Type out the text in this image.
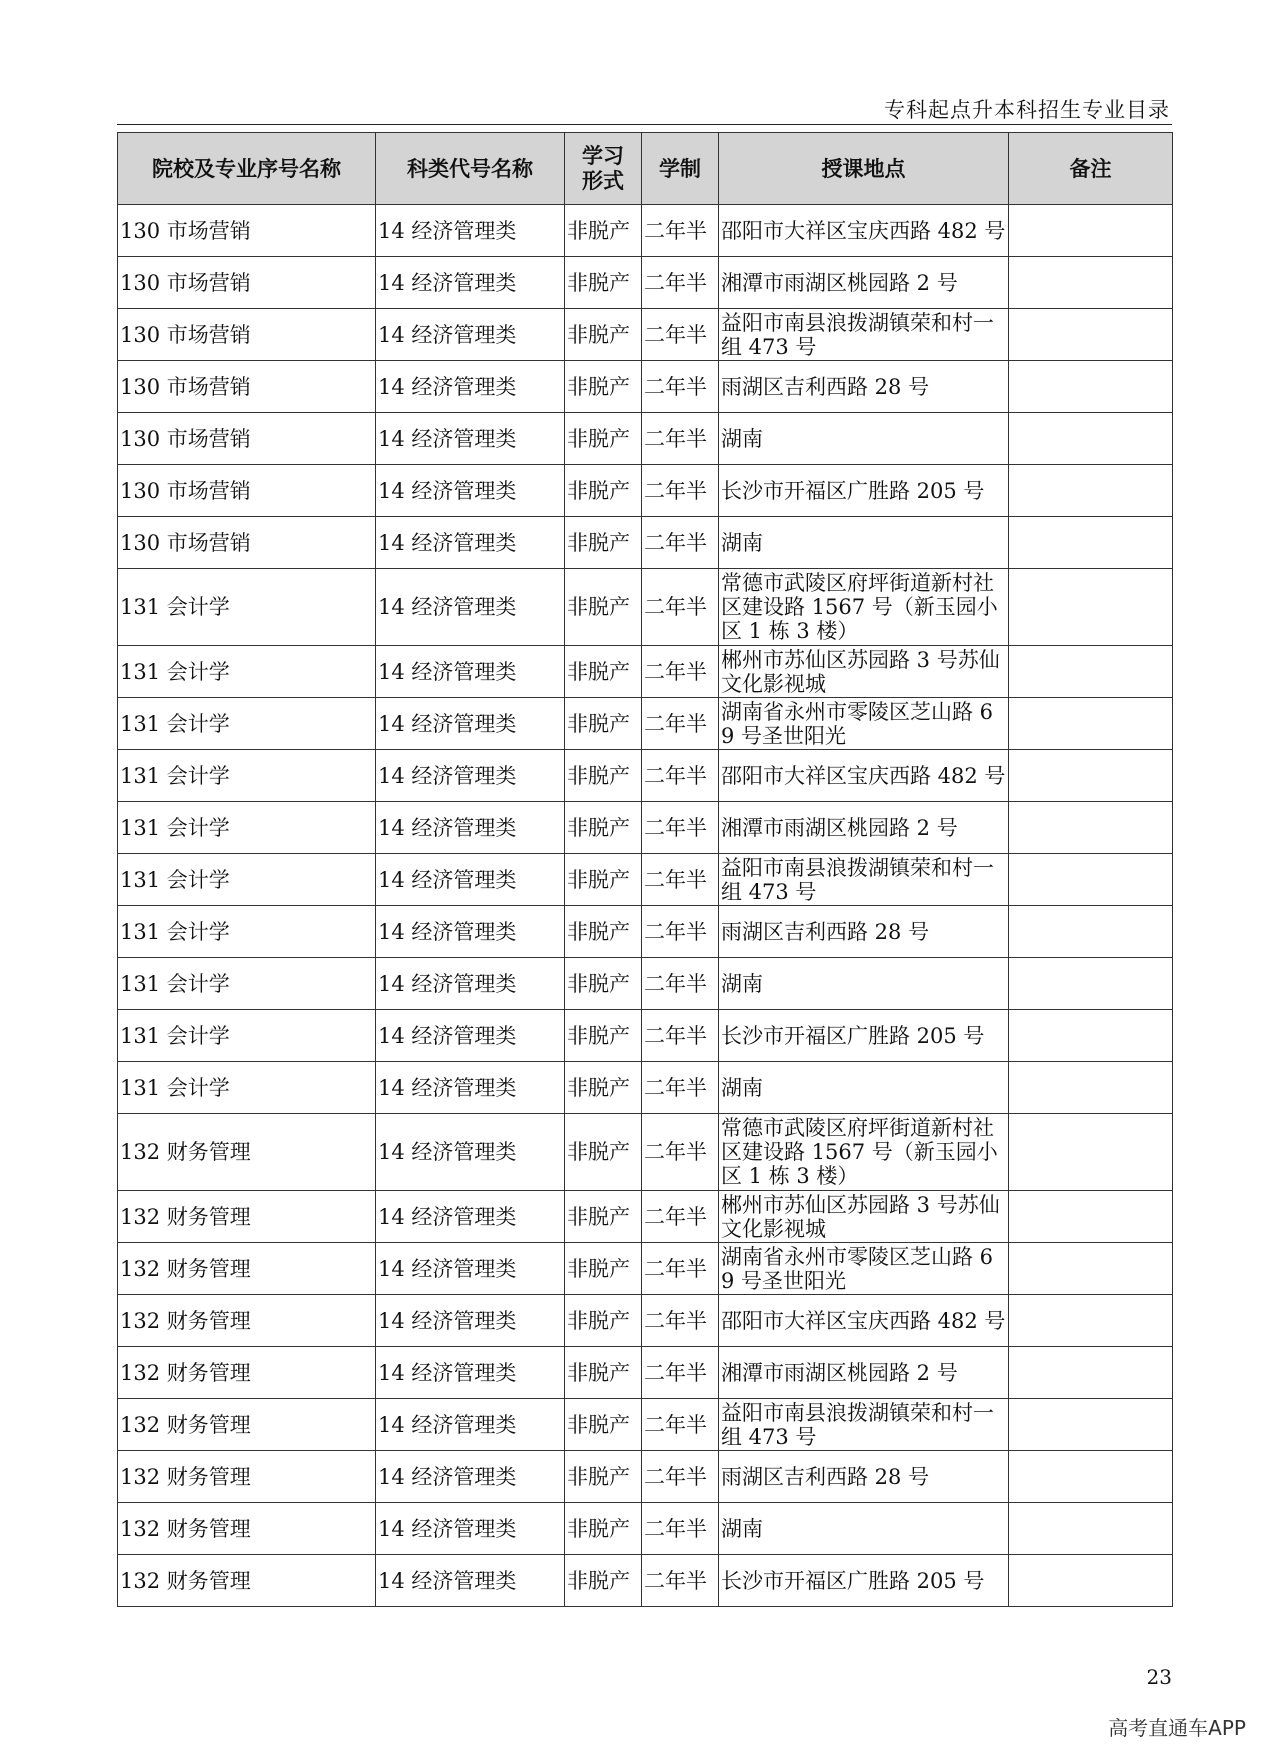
专科起点升本科招生专业目录
院校及专业序号名称	科类代号名称	学习
形式	学制	授课地点	备注
130 市场营销	14 经济管理类	非脱产	二年半	邵阳市大祥区宝庆西路 482 号	
130 市场营销	14 经济管理类	非脱产	二年半	湘潭市雨湖区桃园路 2 号	
130 市场营销	14 经济管理类	非脱产	二年半	益阳市南县浪拨湖镇荣和村一组 473 号	
130 市场营销	14 经济管理类	非脱产	二年半	雨湖区吉利西路 28 号	
130 市场营销	14 经济管理类	非脱产	二年半	湖南	
130 市场营销	14 经济管理类	非脱产	二年半	长沙市开福区广胜路 205 号	
130 市场营销	14 经济管理类	非脱产	二年半	湖南	
131 会计学	14 经济管理类	非脱产	二年半	常德市武陵区府坪街道新村社区建设路 1567 号（新玉园小区 1 栋 3 楼）	
131 会计学	14 经济管理类	非脱产	二年半	郴州市苏仙区苏园路 3 号苏仙文化影视城	
131 会计学	14 经济管理类	非脱产	二年半	湖南省永州市零陵区芝山路 69 号圣世阳光	
131 会计学	14 经济管理类	非脱产	二年半	邵阳市大祥区宝庆西路 482 号	
131 会计学	14 经济管理类	非脱产	二年半	湘潭市雨湖区桃园路 2 号	
131 会计学	14 经济管理类	非脱产	二年半	益阳市南县浪拨湖镇荣和村一组 473 号	
131 会计学	14 经济管理类	非脱产	二年半	雨湖区吉利西路 28 号	
131 会计学	14 经济管理类	非脱产	二年半	湖南	
131 会计学	14 经济管理类	非脱产	二年半	长沙市开福区广胜路 205 号	
131 会计学	14 经济管理类	非脱产	二年半	湖南	
132 财务管理	14 经济管理类	非脱产	二年半	常德市武陵区府坪街道新村社区建设路 1567 号（新玉园小区 1 栋 3 楼）	
132 财务管理	14 经济管理类	非脱产	二年半	郴州市苏仙区苏园路 3 号苏仙文化影视城	
132 财务管理	14 经济管理类	非脱产	二年半	湖南省永州市零陵区芝山路 69 号圣世阳光	
132 财务管理	14 经济管理类	非脱产	二年半	邵阳市大祥区宝庆西路 482 号	
132 财务管理	14 经济管理类	非脱产	二年半	湘潭市雨湖区桃园路 2 号	
132 财务管理	14 经济管理类	非脱产	二年半	益阳市南县浪拨湖镇荣和村一组 473 号	
132 财务管理	14 经济管理类	非脱产	二年半	雨湖区吉利西路 28 号	
132 财务管理	14 经济管理类	非脱产	二年半	湖南	
132 财务管理	14 经济管理类	非脱产	二年半	长沙市开福区广胜路 205 号	
23
高考直通车APP
